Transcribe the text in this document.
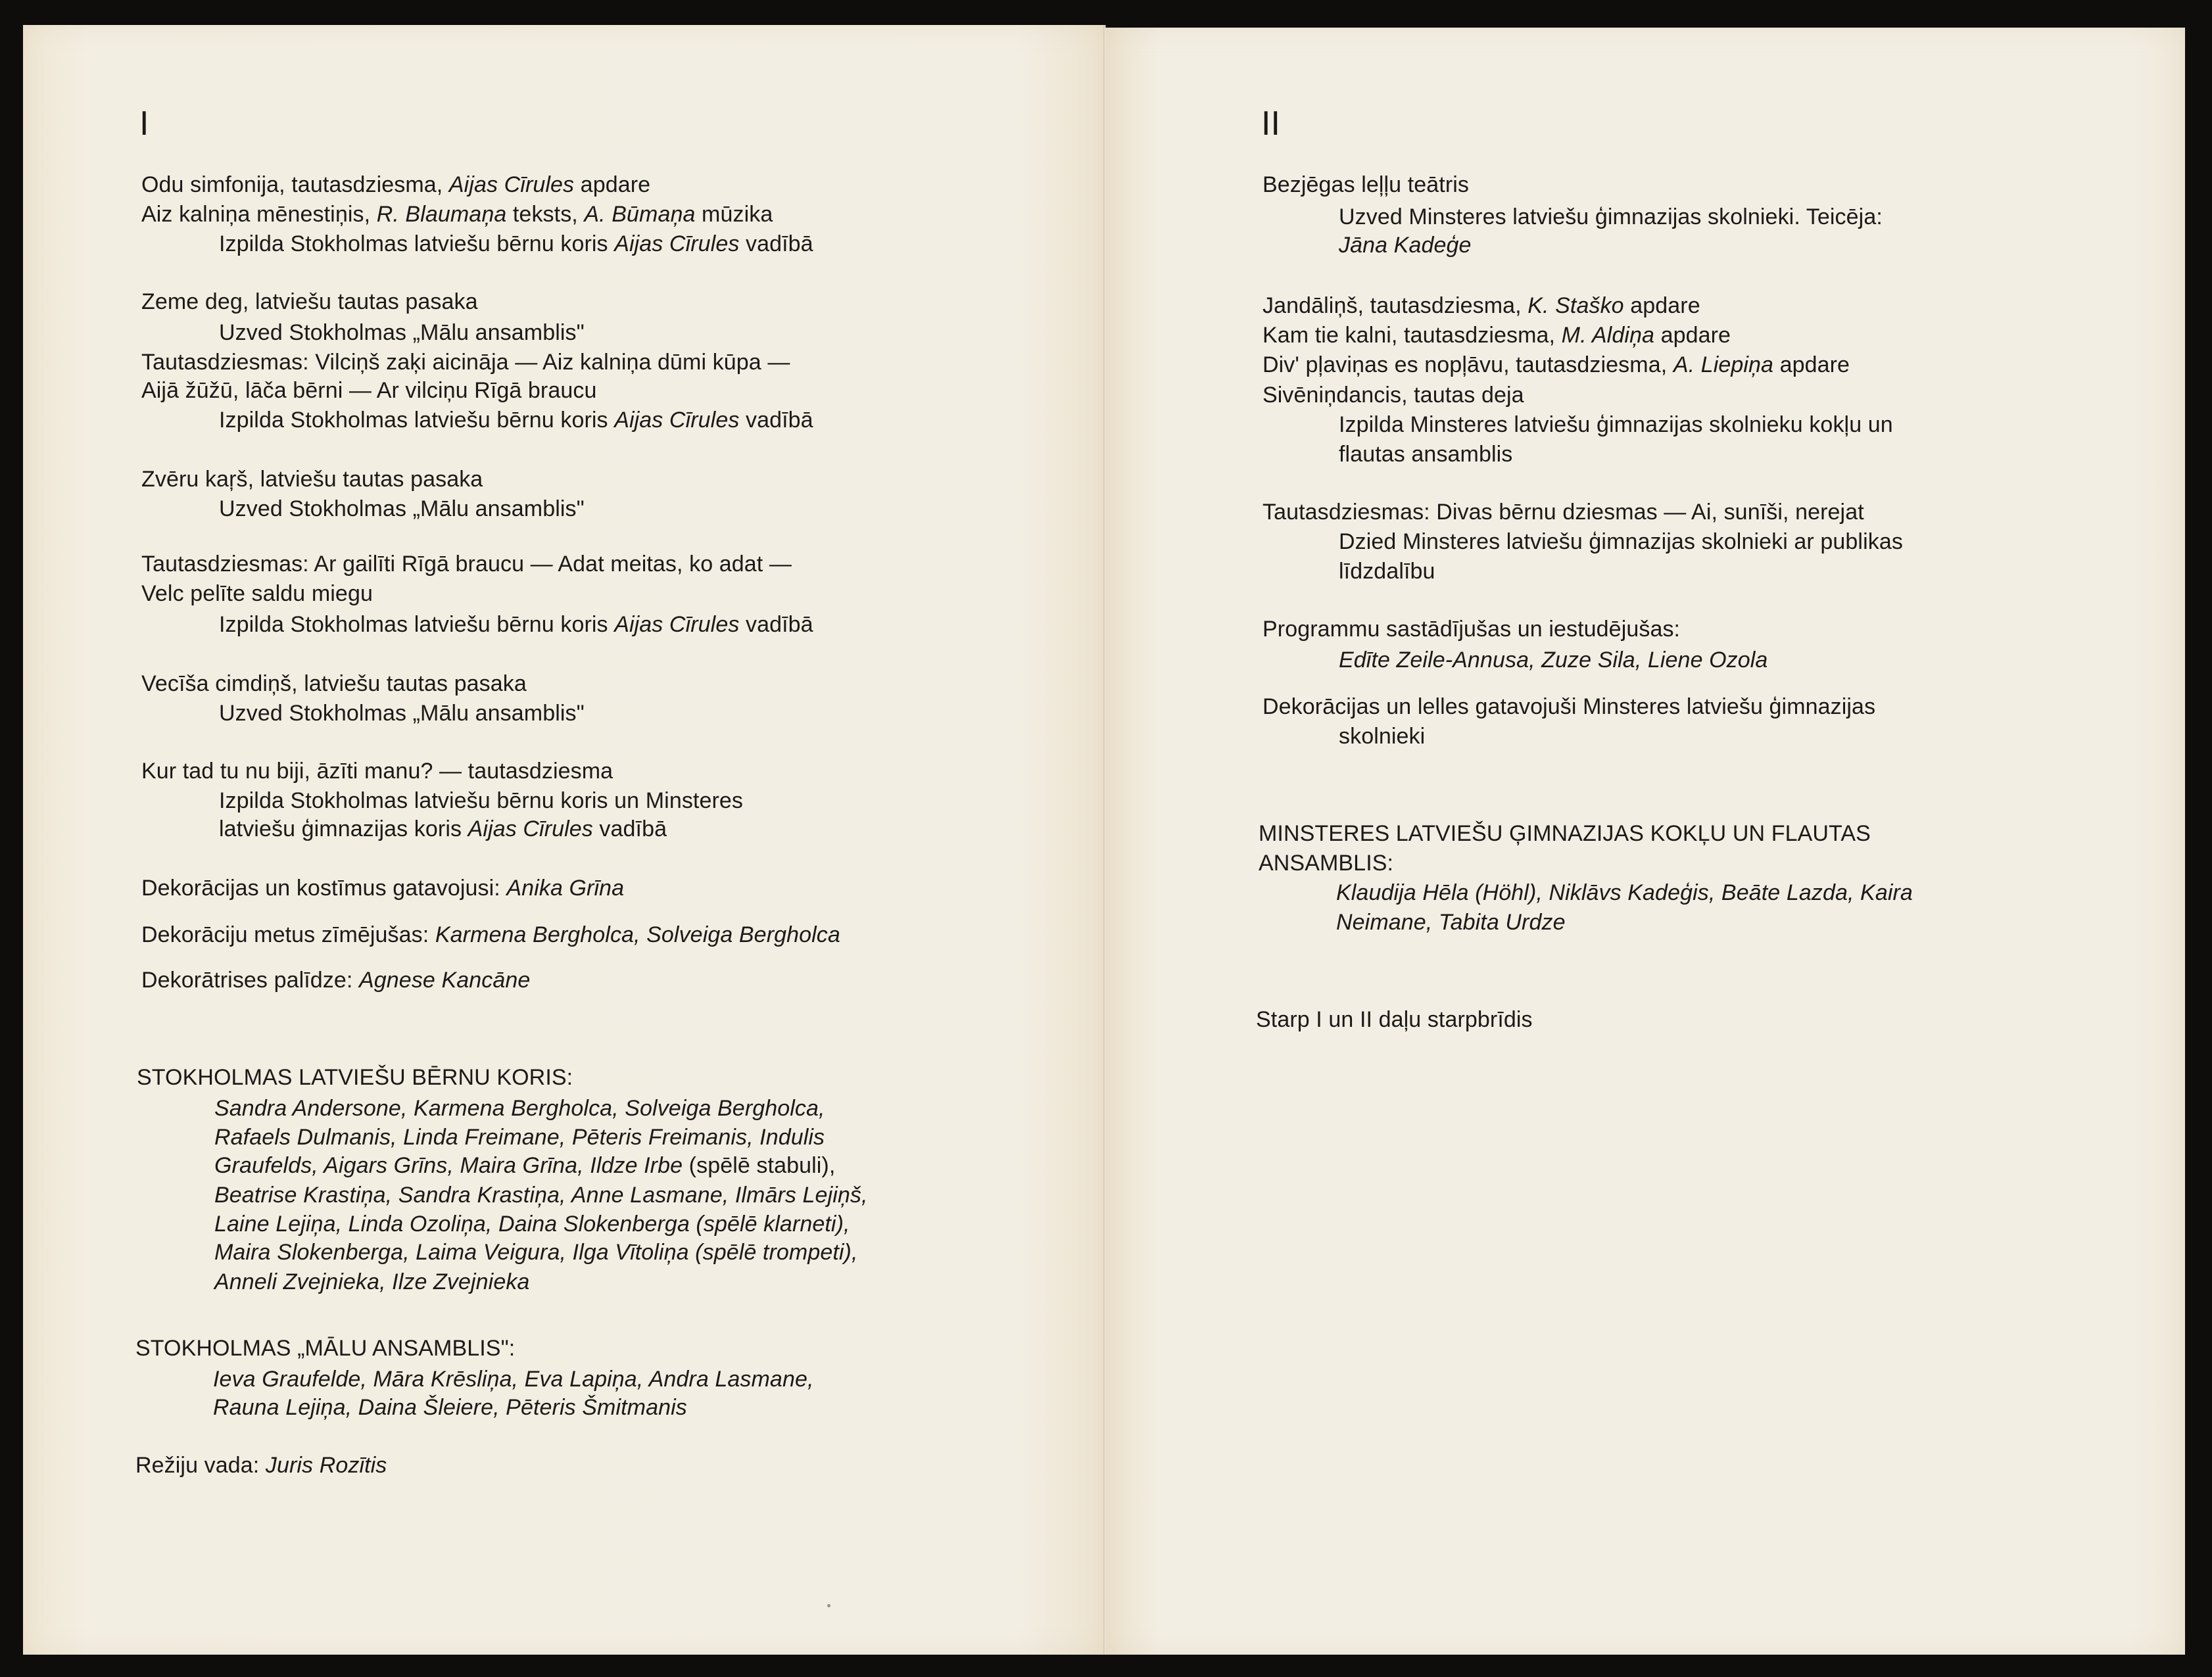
I
Odu simfonija, tautasdziesma, Aijas Cīrules apdare
Aiz kalniņa mēnestiņis, R. Blaumaņa teksts, A. Būmaņa mūzika
Izpilda Stokholmas latviešu bērnu koris Aijas Cīrules vadībā
Zeme deg, latviešu tautas pasaka
Uzved Stokholmas „Mālu ansamblis"
Tautasdziesmas: Vilciņš zaķi aicināja — Aiz kalniņa dūmi kūpa —
Aijā žūžū, lāča bērni — Ar vilciņu Rīgā braucu
Izpilda Stokholmas latviešu bērnu koris Aijas Cīrules vadībā
Zvēru kaŗš, latviešu tautas pasaka
Uzved Stokholmas „Mālu ansamblis"
Tautasdziesmas: Ar gailīti Rīgā braucu — Adat meitas, ko adat —
Velc pelīte saldu miegu
Izpilda Stokholmas latviešu bērnu koris Aijas Cīrules vadībā
Vecīša cimdiņš, latviešu tautas pasaka
Uzved Stokholmas „Mālu ansamblis"
Kur tad tu nu biji, āzīti manu? — tautasdziesma
Izpilda Stokholmas latviešu bērnu koris un Minsteres
latviešu ģimnazijas koris Aijas Cīrules vadībā
Dekorācijas un kostīmus gatavojusi: Anika Grīna
Dekorāciju metus zīmējušas: Karmena Bergholca, Solveiga Bergholca
Dekorātrises palīdze: Agnese Kancāne
STOKHOLMAS LATVIEŠU BĒRNU KORIS:
Sandra Andersone, Karmena Bergholca, Solveiga Bergholca,
Rafaels Dulmanis, Linda Freimane, Pēteris Freimanis, Indulis
Graufelds, Aigars Grīns, Maira Grīna, Ildze Irbe (spēlē stabuli),
Beatrise Krastiņa, Sandra Krastiņa, Anne Lasmane, Ilmārs Lejiņš,
Laine Lejiņa, Linda Ozoliņa, Daina Slokenberga (spēlē klarneti),
Maira Slokenberga, Laima Veigura, Ilga Vītoliņa (spēlē trompeti),
Anneli Zvejnieka, Ilze Zvejnieka
STOKHOLMAS „MĀLU ANSAMBLIS":
Ieva Graufelde, Māra Krēsliņa, Eva Lapiņa, Andra Lasmane,
Rauna Lejiņa, Daina Šleiere, Pēteris Šmitmanis
Režiju vada: Juris Rozītis
II
Bezjēgas leļļu teātris
Uzved Minsteres latviešu ģimnazijas skolnieki. Teicēja:
Jāna Kadeģe
Jandāliņš, tautasdziesma, K. Staško apdare
Kam tie kalni, tautasdziesma, M. Aldiņa apdare
Div' pļaviņas es nopļāvu, tautasdziesma, A. Liepiņa apdare
Sivēniņdancis, tautas deja
Izpilda Minsteres latviešu ģimnazijas skolnieku kokļu un
flautas ansamblis
Tautasdziesmas: Divas bērnu dziesmas — Ai, sunīši, nerejat
Dzied Minsteres latviešu ģimnazijas skolnieki ar publikas
līdzdalību
Programmu sastādījušas un iestudējušas:
Edīte Zeile-Annusa, Zuze Sila, Liene Ozola
Dekorācijas un lelles gatavojuši Minsteres latviešu ģimnazijas
skolnieki
MINSTERES LATVIEŠU ĢIMNAZIJAS KOKĻU UN FLAUTAS
ANSAMBLIS:
Klaudija Hēla (Höhl), Niklāvs Kadeģis, Beāte Lazda, Kaira
Neimane, Tabita Urdze
Starp I un II daļu starpbrīdis
